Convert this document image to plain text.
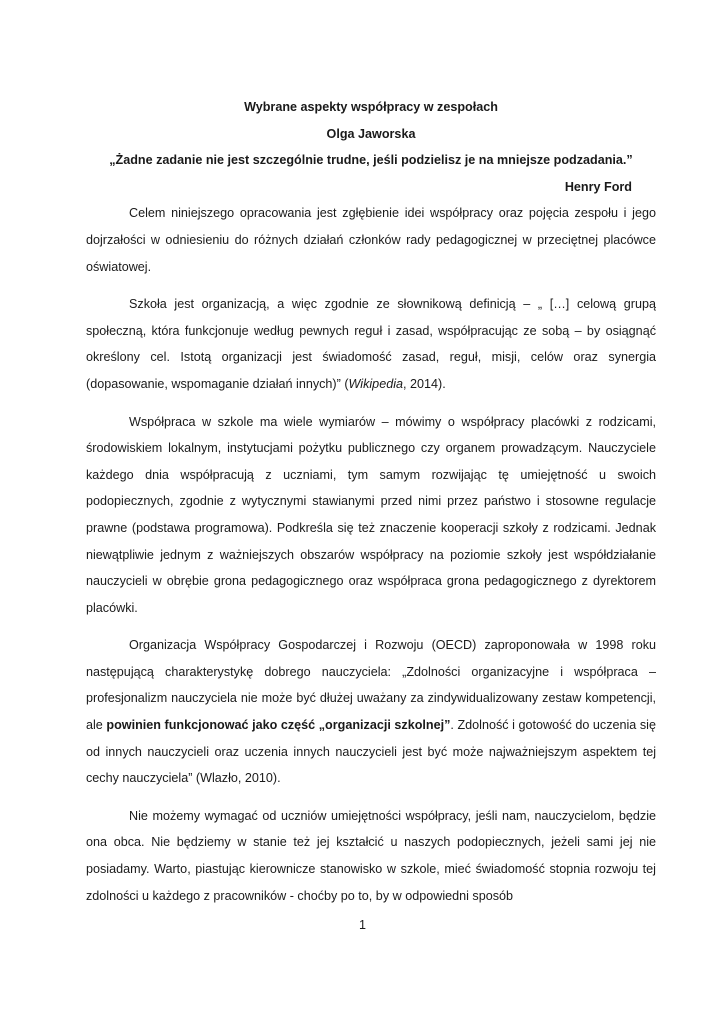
Wybrane aspekty współpracy w zespołach

Olga Jaworska

„Żadne zadanie nie jest szczególnie trudne, jeśli podzielisz je na mniejsze podzadania.”

Henry Ford

Celem niniejszego opracowania jest zgłębienie idei współpracy oraz pojęcia zespołu i jego dojrzałości w odniesieniu do różnych działań członków rady pedagogicznej w przeciętnej placówce oświatowej.

Szkoła jest organizacją, a więc zgodnie ze słownikową definicją – „ […] celową grupą społeczną, która funkcjonuje według pewnych reguł i zasad, współpracując ze sobą – by osiągnąć określony cel. Istotą organizacji jest świadomość zasad, reguł, misji, celów oraz synergia (dopasowanie, wspomaganie działań innych)” (Wikipedia, 2014).

Współpraca w szkole ma wiele wymiarów – mówimy o współpracy placówki z rodzicami, środowiskiem lokalnym, instytucjami pożytku publicznego czy organem prowadzącym. Nauczyciele każdego dnia współpracują z uczniami, tym samym rozwijając tę umiejętność u swoich podopiecznych, zgodnie z wytycznymi stawianymi przed nimi przez państwo i stosowne regulacje prawne (podstawa programowa). Podkreśla się też znaczenie kooperacji szkoły z rodzicami. Jednak niewątpliwie jednym z ważniejszych obszarów współpracy na poziomie szkoły jest współdziałanie nauczycieli w obrębie grona pedagogicznego oraz współpraca grona pedagogicznego z dyrektorem placówki.

Organizacja Współpracy Gospodarczej i Rozwoju (OECD) zaproponowała w 1998 roku następującą charakterystykę dobrego nauczyciela: „Zdolności organizacyjne i współpraca – profesjonalizm nauczyciela nie może być dłużej uważany za zindywidualizowany zestaw kompetencji, ale powinien funkcjonować jako część „organizacji szkolnej”. Zdolność i gotowość do uczenia się od innych nauczycieli oraz uczenia innych nauczycieli jest być może najważniejszym aspektem tej cechy nauczyciela” (Wlazło, 2010).

Nie możemy wymagać od uczniów umiejętności współpracy, jeśli nam, nauczycielom, będzie ona obca. Nie będziemy w stanie też jej kształcić u naszych podopiecznych, jeżeli sami jej nie posiadamy. Warto, piastując kierownicze stanowisko w szkole, mieć świadomość stopnia rozwoju tej zdolności u każdego z pracowników - choćby po to, by w odpowiedni sposób

1
